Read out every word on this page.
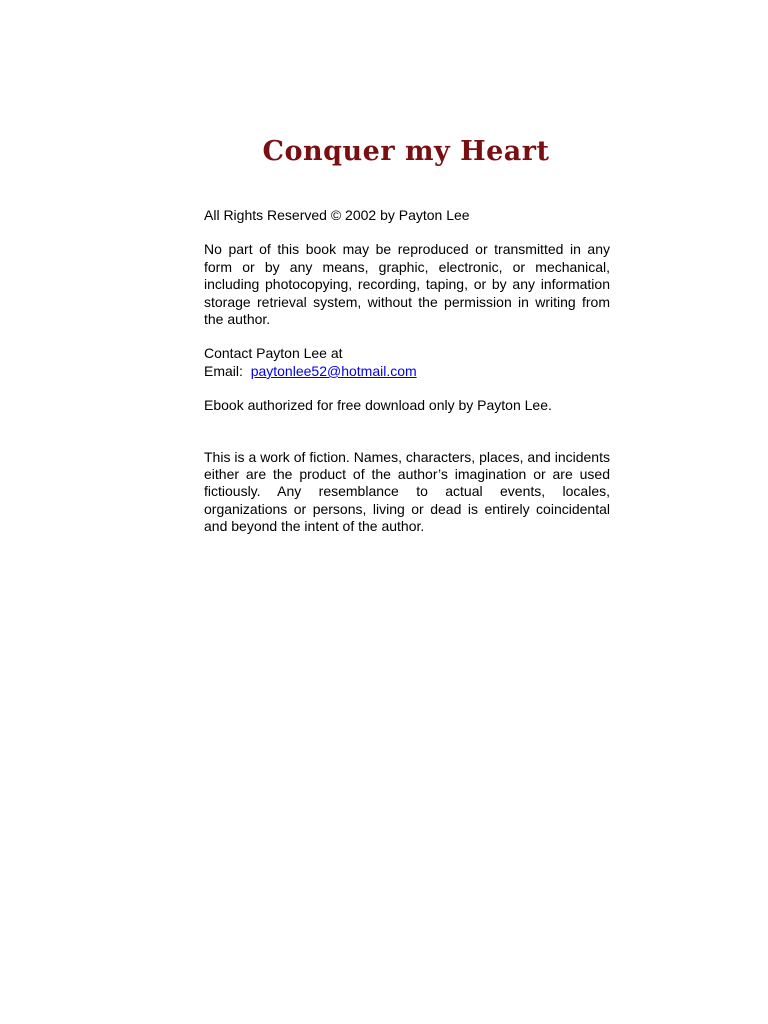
Conquer my Heart

All Rights Reserved © 2002 by Payton Lee

No part of this book may be reproduced or transmitted in any form or by any means, graphic, electronic, or mechanical, including photocopying, recording, taping, or by any information storage retrieval system, without the permission in writing from the author.

Contact Payton Lee at

Email: paytonlee52@hotmail.com

Ebook authorized for free download only by Payton Lee.

This is a work of fiction. Names, characters, places, and incidents either are the product of the author’s imagination or are used fictiously. Any resemblance to actual events, locales, organizations or persons, living or dead is entirely coincidental and beyond the intent of the author.
